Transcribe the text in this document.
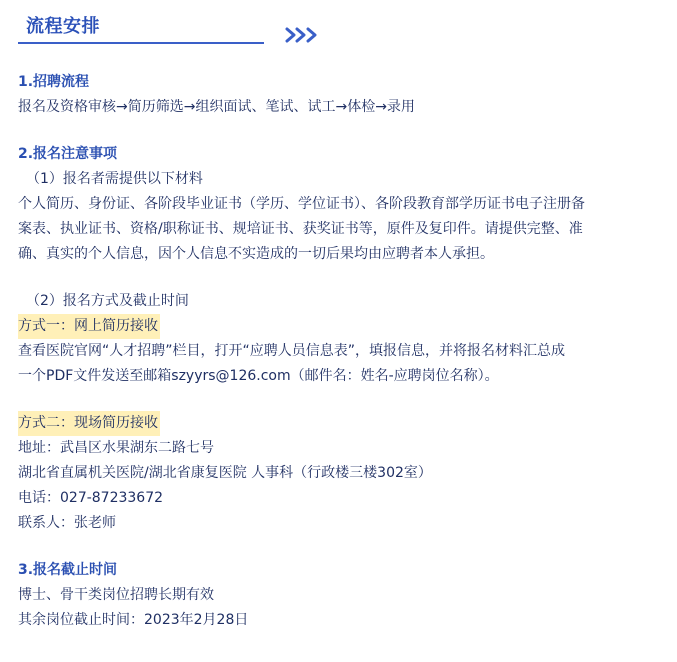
流程安排
1.招聘流程
报名及资格审核→简历筛选→组织面试、笔试、试工→体检→录用
2.报名注意事项
（1）报名者需提供以下材料
个人简历、身份证、各阶段毕业证书（学历、学位证书）、各阶段教育部学历证书电子注册备
案表、执业证书、资格/职称证书、规培证书、获奖证书等，原件及复印件。请提供完整、准
确、真实的个人信息，因个人信息不实造成的一切后果均由应聘者本人承担。
（2）报名方式及截止时间
方式一：网上简历接收
查看医院官网“人才招聘”栏目，打开“应聘人员信息表”，填报信息，并将报名材料汇总成
一个PDF文件发送至邮箱szyyrs@126.com（邮件名：姓名-应聘岗位名称）。
方式二：现场简历接收
地址：武昌区水果湖东二路七号
湖北省直属机关医院/湖北省康复医院 人事科（行政楼三楼302室）
电话：027-87233672
联系人：张老师
3.报名截止时间
博士、骨干类岗位招聘长期有效
其余岗位截止时间：2023年2月28日
